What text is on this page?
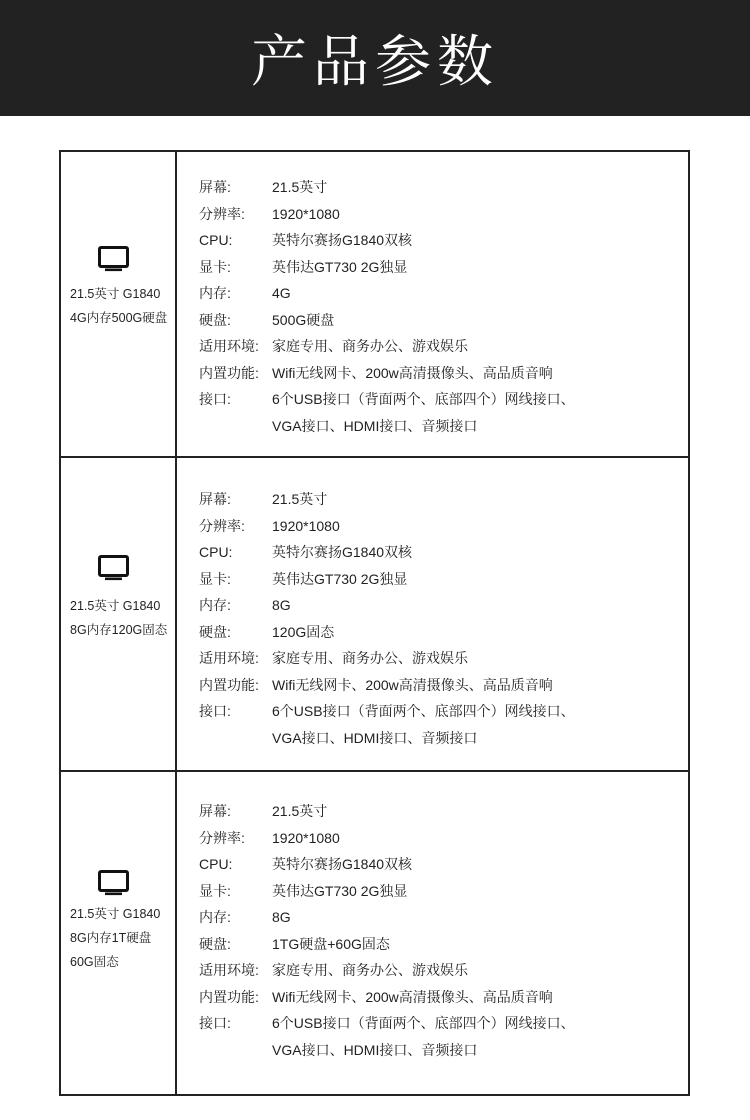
产品参数
21.5英寸 G1840
4G内存500G硬盘
屏幕:	21.5英寸
分辨率:	1920*1080
CPU:	英特尔赛扬G1840双核
显卡:	英伟达GT730 2G独显
内存:	4G
硬盘:	500G硬盘
适用环境: 家庭专用、商务办公、游戏娱乐
内置功能: Wifi无线网卡、200w高清摄像头、高品质音响
接口:	6个USB接口（背面两个、底部四个）网线接口、
VGA接口、HDMI接口、音频接口
21.5英寸 G1840
8G内存120G固态
屏幕:	21.5英寸
分辨率:	1920*1080
CPU:	英特尔赛扬G1840双核
显卡:	英伟达GT730 2G独显
内存:	8G
硬盘:	120G固态
适用环境: 家庭专用、商务办公、游戏娱乐
内置功能: Wifi无线网卡、200w高清摄像头、高品质音响
接口:	6个USB接口（背面两个、底部四个）网线接口、
VGA接口、HDMI接口、音频接口
21.5英寸 G1840
8G内存1T硬盘
60G固态
屏幕:	21.5英寸
分辨率:	1920*1080
CPU:	英特尔赛扬G1840双核
显卡:	英伟达GT730 2G独显
内存:	8G
硬盘:	1TG硬盘+60G固态
适用环境: 家庭专用、商务办公、游戏娱乐
内置功能: Wifi无线网卡、200w高清摄像头、高品质音响
接口:	6个USB接口（背面两个、底部四个）网线接口、
VGA接口、HDMI接口、音频接口
